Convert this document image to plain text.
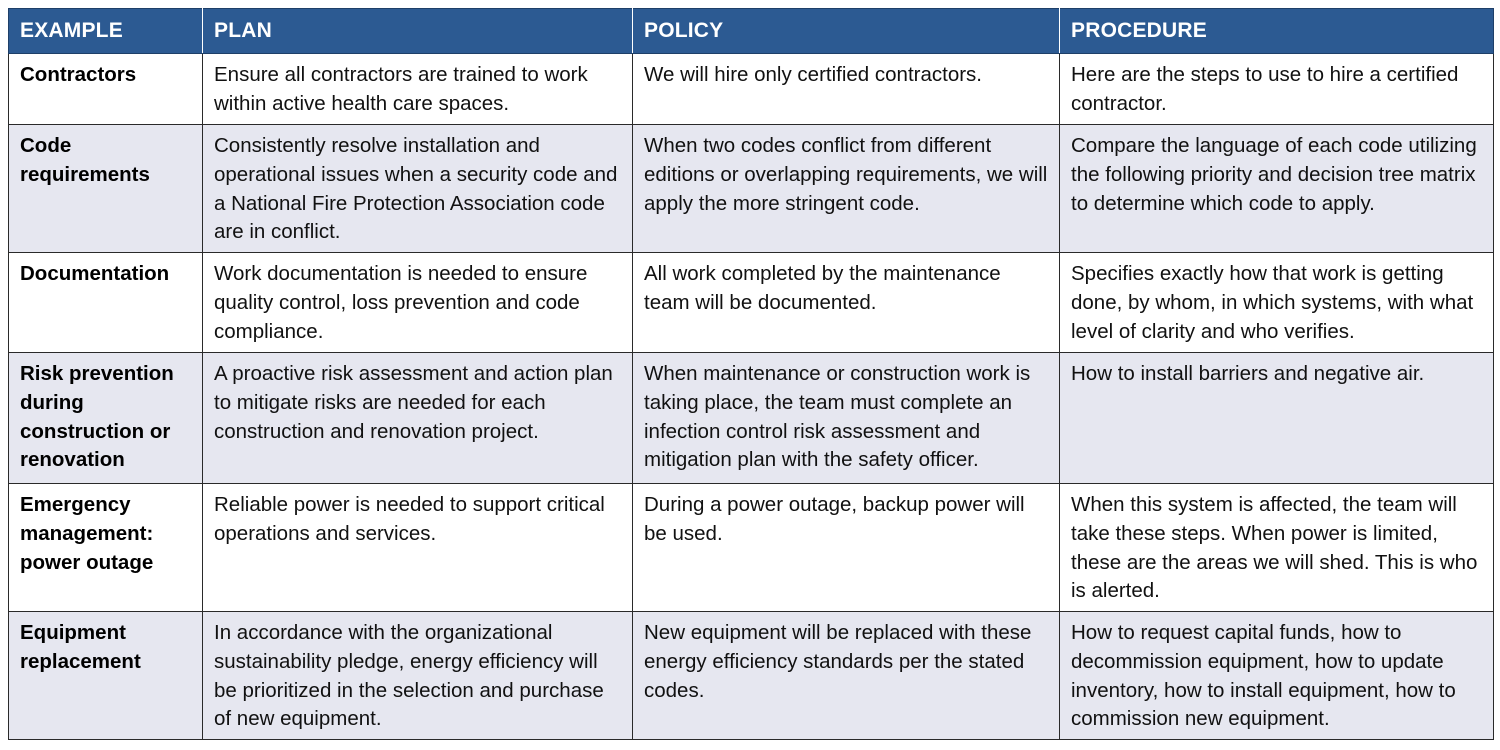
EXAMPLE	PLAN	POLICY	PROCEDURE
Contractors	Ensure all contractors are trained to work within active health care spaces.	We will hire only certified contractors.	Here are the steps to use to hire a certified contractor.
Code requirements	Consistently resolve installation and operational issues when a security code and a National Fire Protection Association code are in conflict.	When two codes conflict from different editions or overlapping requirements, we will apply the more stringent code.	Compare the language of each code utilizing the following priority and decision tree matrix to determine which code to apply.
Documentation	Work documentation is needed to ensure quality control, loss prevention and code compliance.	All work completed by the maintenance team will be documented.	Specifies exactly how that work is getting done, by whom, in which systems, with what level of clarity and who verifies.
Risk prevention during construction or renovation	A proactive risk assessment and action plan to mitigate risks are needed for each construction and renovation project.	When maintenance or construction work is taking place, the team must complete an infection control risk assessment and mitigation plan with the safety officer.	How to install barriers and negative air.
Emergency management: power outage	Reliable power is needed to support critical operations and services.	During a power outage, backup power will be used.	When this system is affected, the team will take these steps. When power is limited, these are the areas we will shed. This is who is alerted.
Equipment replacement	In accordance with the organizational sustainability pledge, energy efficiency will be prioritized in the selection and purchase of new equipment.	New equipment will be replaced with these energy efficiency standards per the stated codes.	How to request capital funds, how to decommission equipment, how to update inventory, how to install equipment, how to commission new equipment.
